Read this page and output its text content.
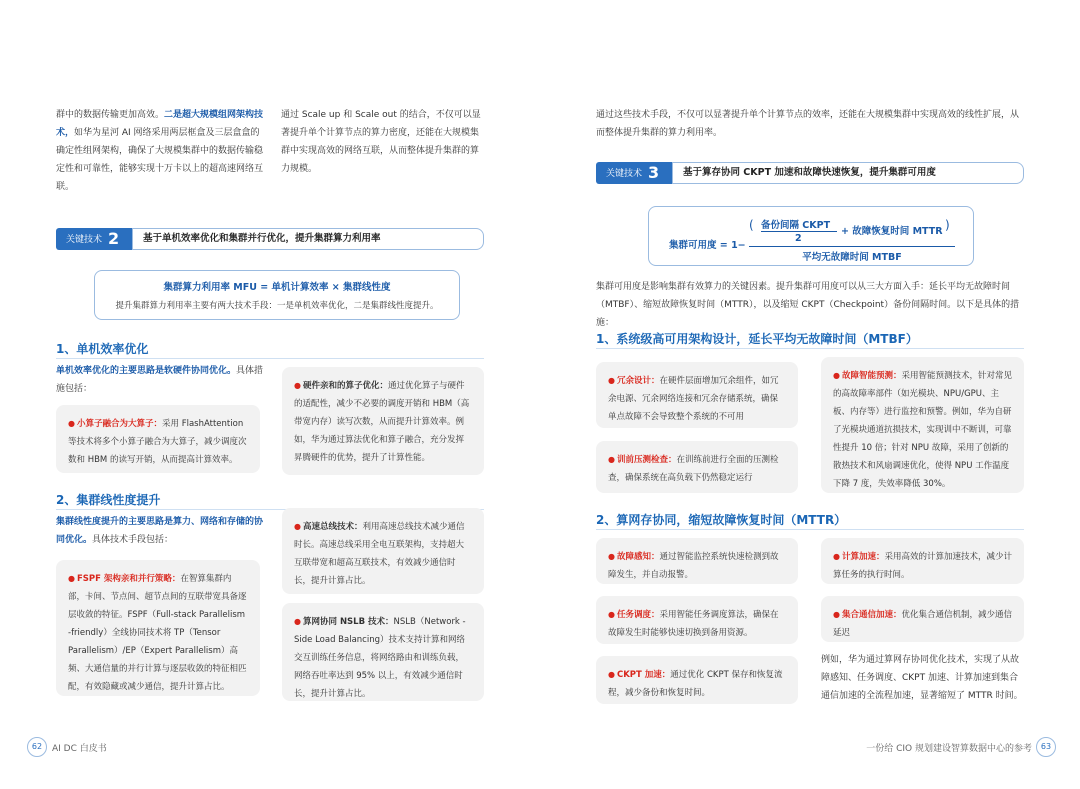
群中的数据传输更加高效。二是超大规模组网架构技术，如华为星河 AI 网络采用两层框盒及三层盒盒的确定性组网架构，确保了大规模集群中的数据传输稳定性和可靠性，能够实现十万卡以上的超高速网络互联。
通过 Scale up 和 Scale out 的结合，不仅可以显著提升单个计算节点的算力密度，还能在大规模集群中实现高效的网络互联，从而整体提升集群的算力规模。
关键技术 2	基于单机效率优化和集群并行优化，提升集群算力利用率
集群算力利用率 MFU = 单机计算效率 × 集群线性度
提升集群算力利用率主要有两大技术手段：一是单机效率优化，二是集群线性度提升。
1、单机效率优化
单机效率优化的主要思路是软硬件协同优化。具体措施包括：
● 小算子融合为大算子：采用 FlashAttention 等技术将多个小算子融合为大算子，减少调度次数和 HBM 的读写开销，从而提高计算效率。
● 硬件亲和的算子优化：通过优化算子与硬件的适配性，减少不必要的调度开销和 HBM（高带宽内存）读写次数，从而提升计算效率。例如，华为通过算法优化和算子融合，充分发挥昇腾硬件的优势，提升了计算性能。
2、集群线性度提升
集群线性度提升的主要思路是算力、网络和存储的协同优化。具体技术手段包括：
● FSPF 架构亲和并行策略：在智算集群内部，卡间、节点间、超节点间的互联带宽具备逐层收敛的特征。FSPF（Full-stack Parallelism -friendly）全线协同技术将 TP（Tensor Parallelism）/EP（Expert Parallelism）高频、大通信量的并行计算与逐层收敛的特征相匹配，有效隐藏或减少通信，提升计算占比。
● 高速总线技术：利用高速总线技术减少通信时长。高速总线采用全电互联架构，支持超大互联带宽和超高互联技术，有效减少通信时长，提升计算占比。
● 算网协同 NSLB 技术：NSLB（Network -Side Load Balancing）技术支持计算和网络交互训练任务信息，将网络路由和训练负载，网络吞吐率达到 95% 以上，有效减少通信时长，提升计算占比。
62	AI DC 白皮书
通过这些技术手段，不仅可以显著提升单个计算节点的效率，还能在大规模集群中实现高效的线性扩展，从而整体提升集群的算力利用率。
关键技术 3	基于算存协同 CKPT 加速和故障快速恢复，提升集群可用度
集群可用度 = 1−
( 备份间隔 CKPT
2
+ 故障恢复时间 MTTR )
平均无故障时间 MTBF
集群可用度是影响集群有效算力的关键因素。提升集群可用度可以从三大方面入手：延长平均无故障时间（MTBF）、缩短故障恢复时间（MTTR），以及缩短 CKPT（Checkpoint）备份间隔时间。以下是具体的措施：
1、系统级高可用架构设计，延长平均无故障时间（MTBF）
● 冗余设计：在硬件层面增加冗余组件，如冗余电源、冗余网络连接和冗余存储系统，确保单点故障不会导致整个系统的不可用
● 训前压测检查：在训练前进行全面的压测检查，确保系统在高负载下仍然稳定运行
● 故障智能预测：采用智能预测技术，针对常见的高故障率部件（如光模块、NPU/GPU、主板、内存等）进行监控和预警。例如，华为自研了光模块通道抗损技术，实现训中不断训，可靠性提升 10 倍；针对 NPU 故障，采用了创新的散热技术和风扇调速优化，使得 NPU 工作温度下降 7 度，失效率降低 30%。
2、算网存协同，缩短故障恢复时间（MTTR）
● 故障感知：通过智能监控系统快速检测到故障发生，并自动报警。
● 任务调度：采用智能任务调度算法，确保在故障发生时能够快速切换到备用资源。
● CKPT 加速：通过优化 CKPT 保存和恢复流程，减少备份和恢复时间。
● 计算加速：采用高效的计算加速技术，减少计算任务的执行时间。
● 集合通信加速：优化集合通信机制，减少通信延迟
例如，华为通过算网存协同优化技术，实现了从故障感知、任务调度、CKPT 加速、计算加速到集合通信加速的全流程加速，显著缩短了 MTTR 时间。
一份给 CIO 规划建设智算数据中心的参考	63
